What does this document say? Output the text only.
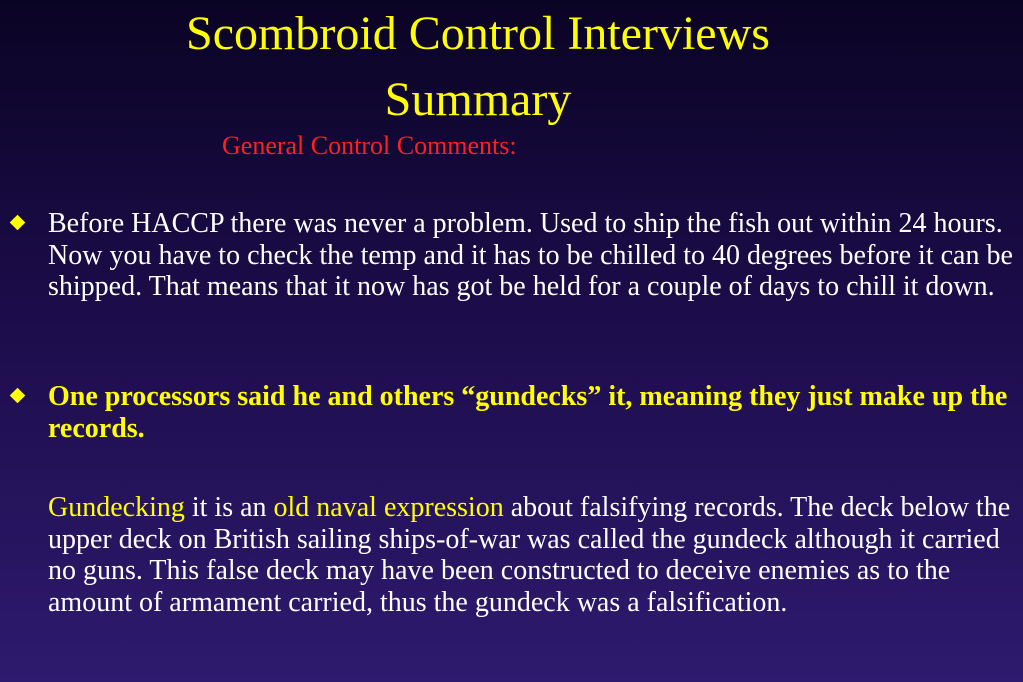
Scombroid Control Interviews
Summary
General Control Comments:
Before HACCP there was never a problem. Used to ship the fish out within 24 hours. Now you have to check the temp and it has to be chilled to 40 degrees before it can be shipped. That means that it now has got be held for a couple of days to chill it down.
One processors said he and others “gundecks” it, meaning they just make up the records.
Gundecking it is an old naval expression about falsifying records. The deck below the upper deck on British sailing ships-of-war was called the gundeck although it carried no guns. This false deck may have been constructed to deceive enemies as to the amount of armament carried, thus the gundeck was a falsification.
